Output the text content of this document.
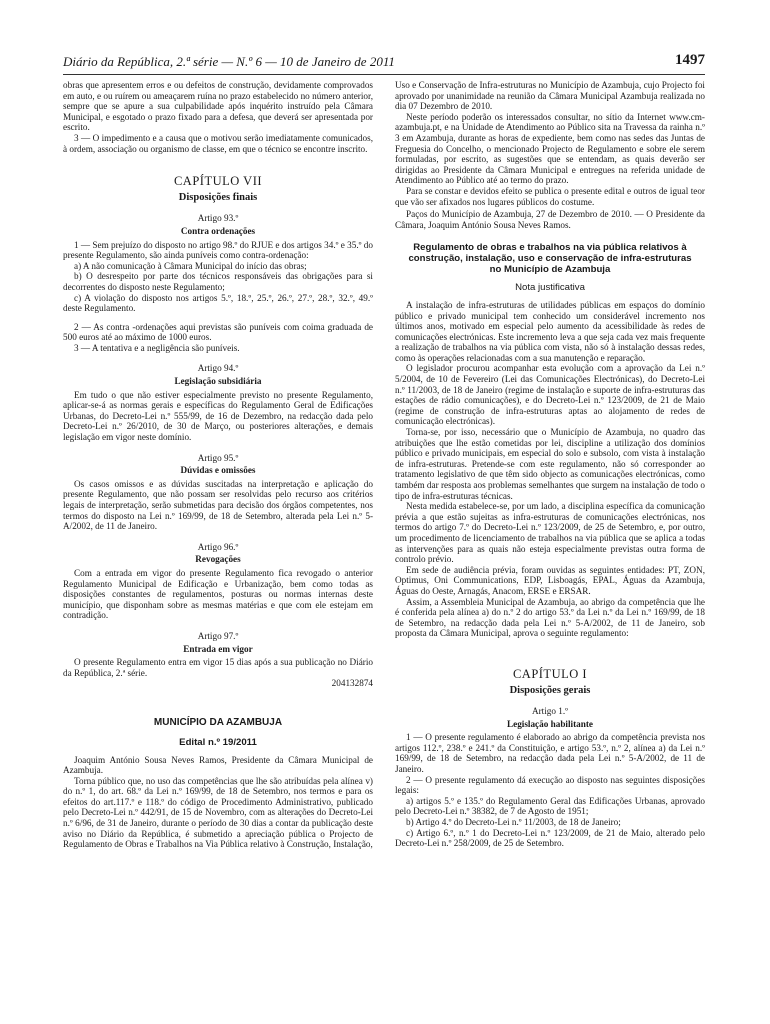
Diário da República, 2.ª série — N.º 6 — 10 de Janeiro de 2011	1497

obras que apresentem erros e ou defeitos de construção, devidamente comprovados em auto, e ou ruírem ou ameaçarem ruína no prazo estabelecido no número anterior, sempre que se apure a sua culpabilidade após inquérito instruído pela Câmara Municipal, e esgotado o prazo fixado para a defesa, que deverá ser apresentada por escrito.

3 — O impedimento e a causa que o motivou serão imediatamente comunicados, à ordem, associação ou organismo de classe, em que o técnico se encontre inscrito.

CAPÍTULO VII
Disposições finais
Artigo 93.º
Contra ordenações

1 — Sem prejuízo do disposto no artigo 98.º do RJUE e dos artigos 34.º e 35.º do presente Regulamento, são ainda puníveis como contra-ordenação:

a) A não comunicação à Câmara Municipal do início das obras;

b) O desrespeito por parte dos técnicos responsáveis das obrigações para si decorrentes do disposto neste Regulamento;

c) A violação do disposto nos artigos 5.º, 18.º, 25.º, 26.º, 27.º, 28.º, 32.º, 49.º deste Regulamento.

2 — As contra -ordenações aqui previstas são puníveis com coima graduada de 500 euros até ao máximo de 1000 euros.

3 — A tentativa e a negligência são puníveis.

Artigo 94.º
Legislação subsidiária

Em tudo o que não estiver especialmente previsto no presente Regulamento, aplicar-se-á as normas gerais e específicas do Regulamento Geral de Edificações Urbanas, do Decreto-Lei n.º 555/99, de 16 de Dezembro, na redacção dada pelo Decreto-Lei n.º 26/2010, de 30 de Março, ou posteriores alterações, e demais legislação em vigor neste domínio.

Artigo 95.º
Dúvidas e omissões

Os casos omissos e as dúvidas suscitadas na interpretação e aplicação do presente Regulamento, que não possam ser resolvidas pelo recurso aos critérios legais de interpretação, serão submetidas para decisão dos órgãos competentes, nos termos do disposto na Lei n.º 169/99, de 18 de Setembro, alterada pela Lei n.º 5-A/2002, de 11 de Janeiro.

Artigo 96.º
Revogações

Com a entrada em vigor do presente Regulamento fica revogado o anterior Regulamento Municipal de Edificação e Urbanização, bem como todas as disposições constantes de regulamentos, posturas ou normas internas deste município, que disponham sobre as mesmas matérias e que com ele estejam em contradição.

Artigo 97.º
Entrada em vigor

O presente Regulamento entra em vigor 15 dias após a sua publicação no Diário da República, 2.ª série.

204132874
MUNICÍPIO DA AZAMBUJA
Edital n.º 19/2011

Joaquim António Sousa Neves Ramos, Presidente da Câmara Municipal de Azambuja.

Torna público que, no uso das competências que lhe são atribuídas pela alínea v) do n.º 1, do art. 68.º da Lei n.º 169/99, de 18 de Setembro, nos termos e para os efeitos do art.117.º e 118.º do código de Procedimento Administrativo, publicado pelo Decreto-Lei n.º 442/91, de 15 de Novembro, com as alterações do Decreto-Lei n.º 6/96, de 31 de Janeiro, durante o período de 30 dias a contar da publicação deste aviso no Diário da República, é submetido a apreciação pública o Projecto de Regulamento de Obras e Trabalhos na Via Pública relativo à Construção, Instalação,

Uso e Conservação de Infra-estruturas no Município de Azambuja, cujo Projecto foi aprovado por unanimidade na reunião da Câmara Municipal Azambuja realizada no dia 07 Dezembro de 2010.

Neste período poderão os interessados consultar, no sítio da Internet www.cm-azambuja.pt, e na Unidade de Atendimento ao Público sita na Travessa da rainha n.º 3 em Azambuja, durante as horas de expediente, bem como nas sedes das Juntas de Freguesia do Concelho, o mencionado Projecto de Regulamento e sobre ele serem formuladas, por escrito, as sugestões que se entendam, as quais deverão ser dirigidas ao Presidente da Câmara Municipal e entregues na referida unidade de Atendimento ao Público até ao termo do prazo.

Para se constar e devidos efeito se publica o presente edital e outros de igual teor que vão ser afixados nos lugares públicos do costume.

Paços do Município de Azambuja, 27 de Dezembro de 2010. — O Presidente da Câmara, Joaquim António Sousa Neves Ramos.

Regulamento de obras e trabalhos na via pública relativos à construção, instalação, uso e conservação de infra-estruturas no Município de Azambuja
Nota justificativa

A instalação de infra-estruturas de utilidades públicas em espaços do domínio público e privado municipal tem conhecido um considerável incremento nos últimos anos, motivado em especial pelo aumento da acessibilidade às redes de comunicações electrónicas. Este incremento leva a que seja cada vez mais frequente a realização de trabalhos na via pública com vista, não só à instalação dessas redes, como às operações relacionadas com a sua manutenção e reparação.

O legislador procurou acompanhar esta evolução com a aprovação da Lei n.º 5/2004, de 10 de Fevereiro (Lei das Comunicações Electrónicas), do Decreto-Lei n.º 11/2003, de 18 de Janeiro (regime de instalação e suporte de infra-estruturas das estações de rádio comunicações), e do Decreto-Lei n.º 123/2009, de 21 de Maio (regime de construção de infra-estruturas aptas ao alojamento de redes de comunicação electrónicas).

Torna-se, por isso, necessário que o Município de Azambuja, no quadro das atribuições que lhe estão cometidas por lei, discipline a utilização dos domínios público e privado municipais, em especial do solo e subsolo, com vista à instalação de infra-estruturas. Pretende-se com este regulamento, não só corresponder ao tratamento legislativo de que têm sido objecto as comunicações electrónicas, como também dar resposta aos problemas semelhantes que surgem na instalação de todo o tipo de infra-estruturas técnicas.

Nesta medida estabelece-se, por um lado, a disciplina específica da comunicação prévia a que estão sujeitas as infra-estruturas de comunicações electrónicas, nos termos do artigo 7.º do Decreto-Lei n.º 123/2009, de 25 de Setembro, e, por outro, um procedimento de licenciamento de trabalhos na via pública que se aplica a todas as intervenções para as quais não esteja especialmente previstas outra forma de controlo prévio.

Em sede de audiência prévia, foram ouvidas as seguintes entidades: PT, ZON, Optimus, Oni Communications, EDP, Lisboagás, EPAL, Águas da Azambuja, Águas do Oeste, Arnagás, Anacom, ERSE e ERSAR.

Assim, a Assembleia Municipal de Azambuja, ao abrigo da competência que lhe é conferida pela alínea a) do n.º 2 do artigo 53.º da Lei n.º da Lei n.º 169/99, de 18 de Setembro, na redacção dada pela Lei n.º 5-A/2002, de 11 de Janeiro, sob proposta da Câmara Municipal, aprova o seguinte regulamento:

CAPÍTULO I
Disposições gerais
Artigo 1.º
Legislação habilitante

1 — O presente regulamento é elaborado ao abrigo da competência prevista nos artigos 112.º, 238.º e 241.º da Constituição, e artigo 53.º, n.º 2, alínea a) da Lei n.º 169/99, de 18 de Setembro, na redacção dada pela Lei n.º 5-A/2002, de 11 de Janeiro.

2 — O presente regulamento dá execução ao disposto nas seguintes disposições legais:

a) artigos 5.º e 135.º do Regulamento Geral das Edificações Urbanas, aprovado pelo Decreto-Lei n.º 38382, de 7 de Agosto de 1951;

b) Artigo 4.º do Decreto-Lei n.º 11/2003, de 18 de Janeiro;

c) Artigo 6.º, n.º 1 do Decreto-Lei n.º 123/2009, de 21 de Maio, alterado pelo Decreto-Lei n.º 258/2009, de 25 de Setembro.
